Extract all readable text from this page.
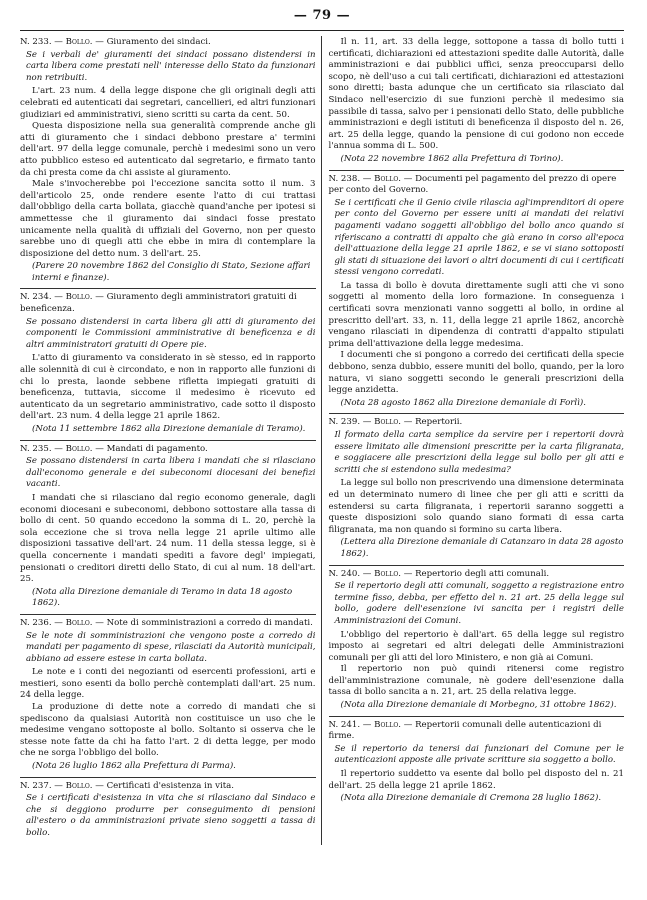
— 79 —
N. 233. — Bollo. — Giuramento dei sindaci.

Se i verbali de' giuramenti dei sindaci possano distendersi in carta libera come prestati nell' interesse dello Stato da funzionari non retribuiti.

L'art. 23 num. 4 della legge dispone che gli originali degli atti celebrati ed autenticati dai segretari, cancellieri, ed altri funzionari giudiziari ed amministrativi, sieno scritti su carta da cent. 50.

Questa disposizione nella sua generalità comprende anche gli atti di giuramento che i sindaci debbono prestare a' termini dell'art. 97 della legge comunale, perchè i medesimi sono un vero atto pubblico esteso ed autenticato dal segretario, e firmato tanto da chi presta come da chi assiste al giuramento.

Male s'invocherebbe poi l'eccezione sancita sotto il num. 3 dell'articolo 25, onde rendere esente l'atto di cui trattasi dall'obbligo della carta bollata, giacchè quand'anche per ipotesi si ammettesse che il giuramento dai sindaci fosse prestato unicamente nella qualità di uffiziali del Governo, non per questo sarebbe uno di quegli atti che ebbe in mira di contemplare la disposizione del detto num. 3 dell'art. 25.

(Parere 20 novembre 1862 del Consiglio di Stato, Sezione affari interni e finanze).

N. 234. — Bollo. — Giuramento degli amministratori gratuiti di beneficenza.

Se possano distendersi in carta libera gli atti di giuramento dei componenti le Commissioni amministrative di beneficenza e di altri amministratori gratuiti di Opere pie.

L'atto di giuramento va considerato in sè stesso, ed in rapporto alle solennità di cui è circondato, e non in rapporto alle funzioni di chi lo presta, laonde sebbene rifletta impiegati gratuiti di beneficenza, tuttavia, siccome il medesimo è ricevuto ed autenticato da un segretario amministrativo, cade sotto il disposto dell'art. 23 num. 4 della legge 21 aprile 1862.

(Nota 11 settembre 1862 alla Direzione demaniale di Teramo).

N. 235. — Bollo. — Mandati di pagamento.

Se possano distendersi in carta libera i mandati che si rilasciano dall'economo generale e dei subeconomi diocesani dei benefizi vacanti.

I mandati che si rilasciano dal regio economo generale, dagli economi diocesani e subeconomi, debbono sottostare alla tassa di bollo di cent. 50 quando eccedono la somma di L. 20, perchè la sola eccezione che si trova nella legge 21 aprile ultimo alle disposizioni tassative dell'art. 24 num. 11 della stessa legge, si è quella concernente i mandati spediti a favore degl' impiegati, pensionati o creditori diretti dello Stato, di cui al num. 18 dell'art. 25.

(Nota alla Direzione demaniale di Teramo in data 18 agosto 1862).

N. 236. — Bollo. — Note di somministrazioni a corredo di mandati.

Se le note di somministrazioni che vengono poste a corredo di mandati per pagamento di spese, rilasciati da Autorità municipali, abbiano ad essere estese in carta bollata.

Le note e i conti dei negozianti od esercenti professioni, arti e mestieri, sono esenti da bollo perchè contemplati dall'art. 25 num. 24 della legge.

La produzione di dette note a corredo di mandati che si spediscono da qualsiasi Autorità non costituisce un uso che le medesime vengano sottoposte al bollo. Soltanto si osserva che le stesse note fatte da chi ha fatto l'art. 2 di detta legge, per modo che ne sorga l'obbligo del bollo.

(Nota 26 luglio 1862 alla Prefettura di Parma).

N. 237. — Bollo. — Certificati d'esistenza in vita.

Se i certificati d'esistenza in vita che si rilasciano dal Sindaco e che si deggiono produrre per conseguimento di pensioni all'estero o da amministrazioni private sieno soggetti a tassa di bollo.

Il n. 11, art. 33 della legge, sottopone a tassa di bollo tutti i certificati, dichiarazioni ed attestazioni spedite dalle Autorità, dalle amministrazioni e dai pubblici uffici, senza preoccuparsi dello scopo, nè dell'uso a cui tali certificati, dichiarazioni ed attestazioni sono diretti; basta adunque che un certificato sia rilasciato dal Sindaco nell'esercizio di sue funzioni perchè il medesimo sia passibile di tassa, salvo per i pensionati dello Stato, delle pubbliche amministrazioni e degli istituti di beneficenza il disposto del n. 26, art. 25 della legge, quando la pensione di cui godono non eccede l'annua somma di L. 500.

(Nota 22 novembre 1862 alla Prefettura di Torino).

N. 238. — Bollo. — Documenti pel pagamento del prezzo di opere per conto del Governo.

Se i certificati che il Genio civile rilascia agl'imprenditori di opere per conto del Governo per essere uniti ai mandati dei relativi pagamenti vadano soggetti all'obbligo del bollo anco quando si riferiscano a contratti di appalto che già erano in corso all'epoca dell'attuazione della legge 21 aprile 1862, e se vi siano sottoposti gli stati di situazione dei lavori o altri documenti di cui i certificati stessi vengono corredati.

La tassa di bollo è dovuta direttamente sugli atti che vi sono soggetti al momento della loro formazione. In conseguenza i certificati sovra menzionati vanno soggetti al bollo, in ordine al prescritto dell'art. 33, n. 11, della legge 21 aprile 1862, ancorchè vengano rilasciati in dipendenza di contratti d'appalto stipulati prima dell'attivazione della legge medesima.

I documenti che si pongono a corredo dei certificati della specie debbono, senza dubbio, essere muniti del bollo, quando, per la loro natura, vi siano soggetti secondo le generali prescrizioni della legge anzidetta.

(Nota 28 agosto 1862 alla Direzione demaniale di Forlì).

N. 239. — Bollo. — Repertorii.

Il formato della carta semplice da servire per i repertorii dovrà essere limitato alle dimensioni prescritte per la carta filigranata, e soggiacere alle prescrizioni della legge sul bollo per gli atti e scritti che si estendono sulla medesima?

La legge sul bollo non prescrivendo una dimensione determinata ed un determinato numero di linee che per gli atti e scritti da estendersi su carta filigranata, i repertorii saranno soggetti a queste disposizioni solo quando siano formati di essa carta filigranata, ma non quando si formino su carta libera.

(Lettera alla Direzione demaniale di Catanzaro in data 28 agosto 1862).

N. 240. — Bollo. — Repertorio degli atti comunali.

Se il repertorio degli atti comunali, soggetto a registrazione entro termine fisso, debba, per effetto del n. 21 art. 25 della legge sul bollo, godere dell'esenzione ivi sancita per i registri delle Amministrazioni dei Comuni.

L'obbligo del repertorio è dall'art. 65 della legge sul registro imposto ai segretari ed altri delegati delle Amministrazioni comunali per gli atti del loro Ministero, e non già ai Comuni.

Il repertorio non può quindi ritenersi come registro dell'amministrazione comunale, nè godere dell'esenzione dalla tassa di bollo sancita a n. 21, art. 25 della relativa legge.

(Nota alla Direzione demaniale di Morbegno, 31 ottobre 1862).

N. 241. — Bollo. — Repertorii comunali delle autenticazioni di firme.

Se il repertorio da tenersi dai funzionari del Comune per le autenticazioni apposte alle private scritture sia soggetto a bollo.

Il repertorio suddetto va esente dal bollo pel disposto del n. 21 dell'art. 25 della legge 21 aprile 1862.

(Nota alla Direzione demaniale di Cremona 28 luglio 1862).
